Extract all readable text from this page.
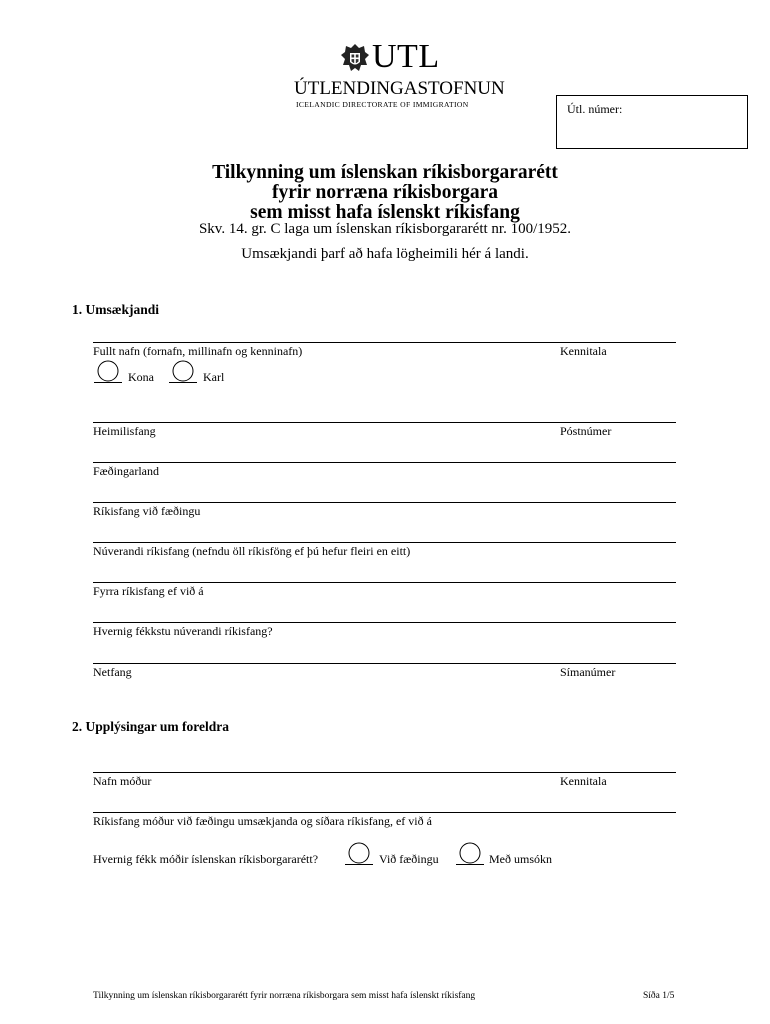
UTL
ÚTLENDINGASTOFNUN
ICELANDIC DIRECTORATE OF IMMIGRATION	Útl. númer:
Tilkynning um íslenskan ríkisborgararétt
fyrir norræna ríkisborgara
sem misst hafa íslenskt ríkisfang
Skv. 14. gr. C laga um íslenskan ríkisborgararétt nr. 100/1952.
Umsækjandi þarf að hafa lögheimili hér á landi.
1. Umsækjandi
Fullt nafn (fornafn, millinafn og kenninafn)	Kennitala
Kona	Karl
Heimilisfang	Póstnúmer
Fæðingarland
Ríkisfang við fæðingu
Núverandi ríkisfang (nefndu öll ríkisföng ef þú hefur fleiri en eitt)
Fyrra ríkisfang ef við á
Hvernig fékkstu núverandi ríkisfang?
Netfang	Símanúmer
2. Upplýsingar um foreldra
Nafn móður	Kennitala
Ríkisfang móður við fæðingu umsækjanda og síðara ríkisfang, ef við á
Hvernig fékk móðir íslenskan ríkisborgararétt?	Við fæðingu	Með umsókn
Tilkynning um íslenskan ríkisborgararétt fyrir norræna ríkisborgara sem misst hafa íslenskt ríkisfang	Síða 1/5
